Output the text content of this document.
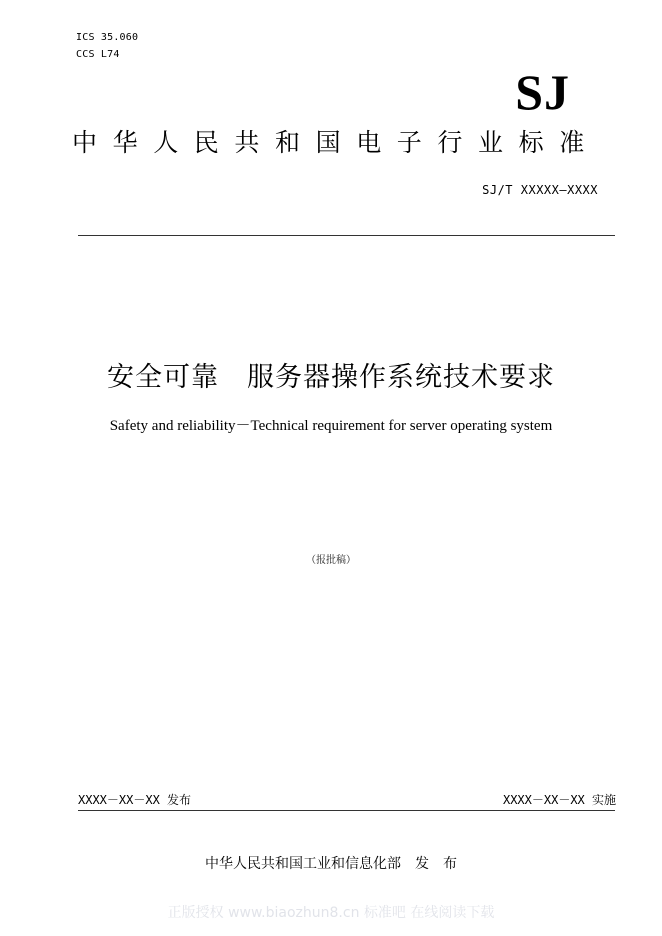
ICS 35.060
CCS L74
SJ
中华人民共和国电子行业标准
SJ/T XXXXX—XXXX
安全可靠　服务器操作系统技术要求
Safety and reliability－Technical requirement for server operating system
（报批稿）
XXXX－XX－XX 发布	XXXX－XX－XX 实施
中华人民共和国工业和信息化部　发　布
正版授权 www.biaozhun8.cn 标准吧 在线阅读下载
